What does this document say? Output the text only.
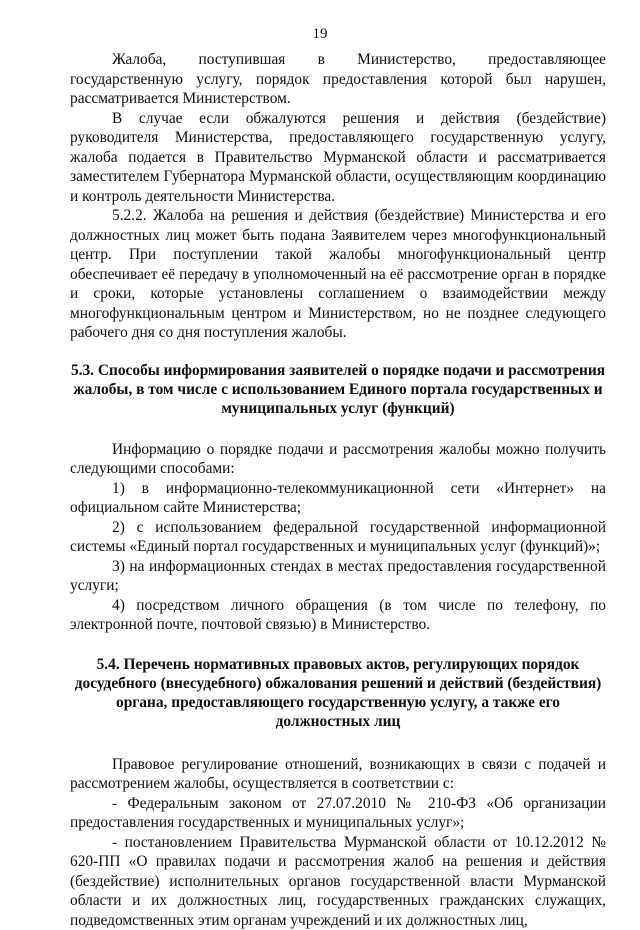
19

Жалоба, поступившая в Министерство, предоставляющее государственную услугу, порядок предоставления которой был нарушен, рассматривается Министерством.

В случае если обжалуются решения и действия (бездействие) руководителя Министерства, предоставляющего государственную услугу, жалоба подается в Правительство Мурманской области и рассматривается заместителем Губернатора Мурманской области, осуществляющим координацию и контроль деятельности Министерства.

5.2.2. Жалоба на решения и действия (бездействие) Министерства и его должностных лиц может быть подана Заявителем через многофункциональный центр. При поступлении такой жалобы многофункциональный центр обеспечивает её передачу в уполномоченный на её рассмотрение орган в порядке и сроки, которые установлены соглашением о взаимодействии между многофункциональным центром и Министерством, но не позднее следующего рабочего дня со дня поступления жалобы.

5.3. Способы информирования заявителей о порядке подачи и рассмотрения жалобы, в том числе с использованием Единого портала государственных и муниципальных услуг (функций)

Информацию о порядке подачи и рассмотрения жалобы можно получить следующими способами:

1) в информационно-телекоммуникационной сети «Интернет» на официальном сайте Министерства;

2) с использованием федеральной государственной информационной системы «Единый портал государственных и муниципальных услуг (функций)»;

3) на информационных стендах в местах предоставления государственной услуги;

4) посредством личного обращения (в том числе по телефону, по электронной почте, почтовой связью) в Министерство.

5.4. Перечень нормативных правовых актов, регулирующих порядок досудебного (внесудебного) обжалования решений и действий (бездействия) органа, предоставляющего государственную услугу, а также его должностных лиц

Правовое регулирование отношений, возникающих в связи с подачей и рассмотрением жалобы, осуществляется в соответствии с:

- Федеральным законом от 27.07.2010 № 210-ФЗ «Об организации предоставления государственных и муниципальных услуг»;

- постановлением Правительства Мурманской области от 10.12.2012 № 620-ПП «О правилах подачи и рассмотрения жалоб на решения и действия (бездействие) исполнительных органов государственной власти Мурманской области и их должностных лиц, государственных гражданских служащих, подведомственных этим органам учреждений и их должностных лиц,
